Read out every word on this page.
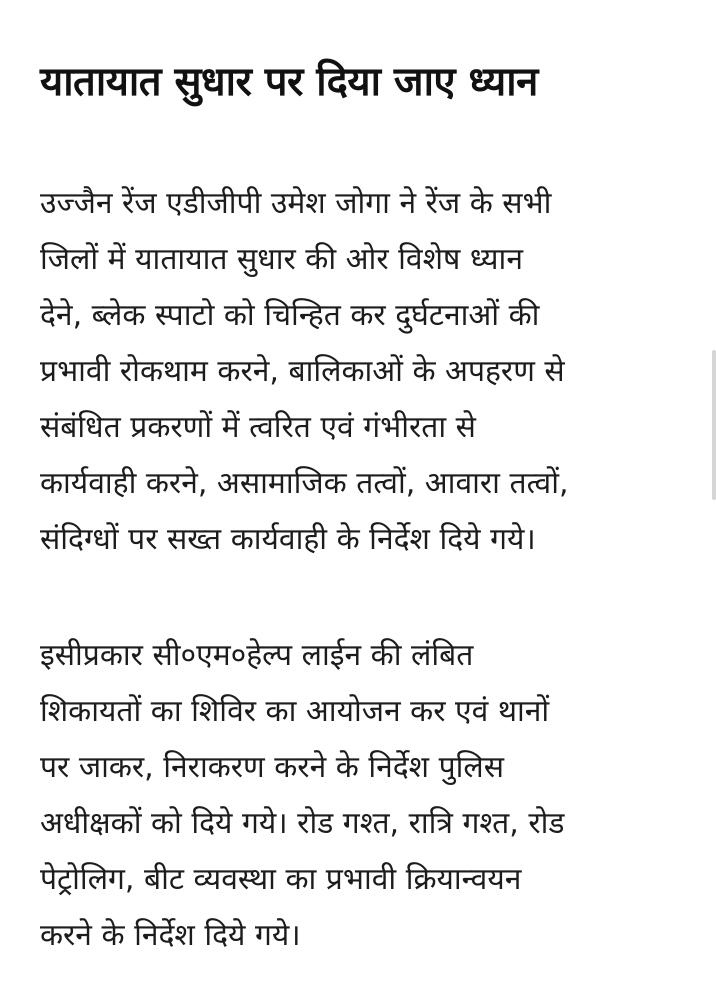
यातायात सुधार पर दिया जाए ध्यान

उज्जैन रेंज एडीजीपी उमेश जोगा ने रेंज के सभी
जिलों में यातायात सुधार की ओर विशेष ध्यान
देने, ब्लेक स्पाटो को चिन्हित कर दुर्घटनाओं की
प्रभावी रोकथाम करने, बालिकाओं के अपहरण से
संबंधित प्रकरणों में त्वरित एवं गंभीरता से
कार्यवाही करने, असामाजिक तत्वों, आवारा तत्वों,
संदिग्धों पर सख्त कार्यवाही के निर्देश दिये गये।

इसीप्रकार सी०एम०हेल्प लाईन की लंबित
शिकायतों का शिविर का आयोजन कर एवं थानों
पर जाकर, निराकरण करने के निर्देश पुलिस
अधीक्षकों को दिये गये। रोड गश्त, रात्रि गश्त, रोड
पेट्रोलिग, बीट व्यवस्था का प्रभावी क्रियान्वयन
करने के निर्देश दिये गये।
